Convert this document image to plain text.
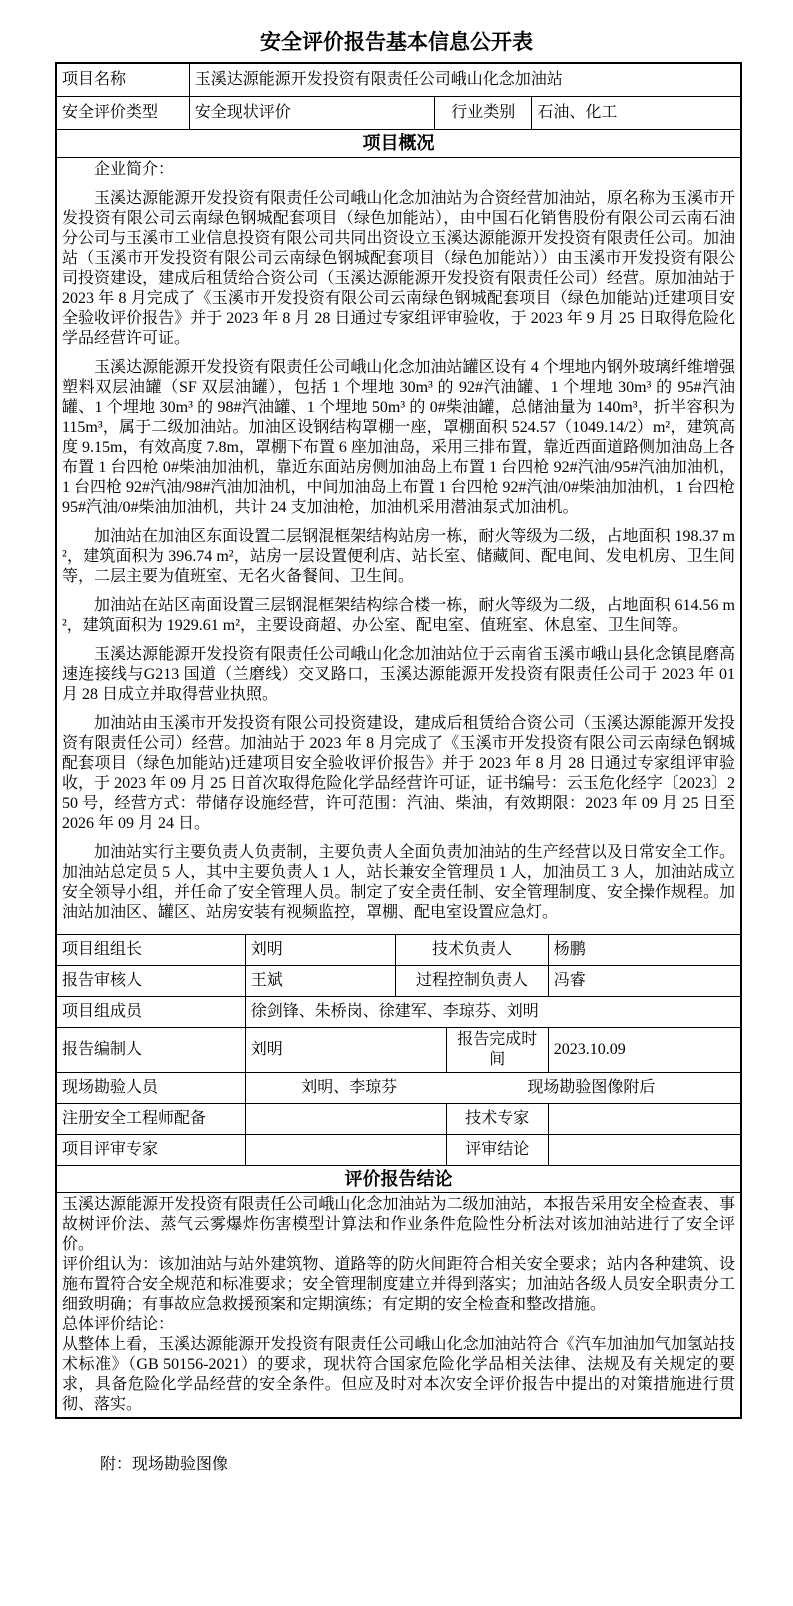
安全评价报告基本信息公开表
项目名称	玉溪达源能源开发投资有限责任公司峨山化念加油站		
安全评价类型	安全现状评价	行业类别	石油、化工
项目概况

企业简介：

玉溪达源能源开发投资有限责任公司峨山化念加油站为合资经营加油站，原名称为玉溪市开发投资有限公司云南绿色钢城配套项目（绿色加能站），由中国石化销售股份有限公司云南石油分公司与玉溪市工业信息投资有限公司共同出资设立玉溪达源能源开发投资有限责任公司。加油站（玉溪市开发投资有限公司云南绿色钢城配套项目（绿色加能站））由玉溪市开发投资有限公司投资建设，建成后租赁给合资公司（玉溪达源能源开发投资有限责任公司）经营。原加油站于 2023 年 8 月完成了《玉溪市开发投资有限公司云南绿色钢城配套项目（绿色加能站)迁建项目安全验收评价报告》并于 2023 年 8 月 28 日通过专家组评审验收，于 2023 年 9 月 25 日取得危险化学品经营许可证。

玉溪达源能源开发投资有限责任公司峨山化念加油站罐区设有 4 个埋地内钢外玻璃纤维增强塑料双层油罐（SF 双层油罐），包括 1 个埋地 30m³ 的 92#汽油罐、1 个埋地 30m³ 的 95#汽油罐、1 个埋地 30m³ 的 98#汽油罐、1 个埋地 50m³ 的 0#柴油罐，总储油量为 140m³，折半容积为 115m³，属于二级加油站。加油区设钢结构罩棚一座，罩棚面积 524.57（1049.14/2）m²，建筑高度 9.15m，有效高度 7.8m，罩棚下布置 6 座加油岛，采用三排布置，靠近西面道路侧加油岛上各布置 1 台四枪 0#柴油加油机，靠近东面站房侧加油岛上布置 1 台四枪 92#汽油/95#汽油加油机，1 台四枪 92#汽油/98#汽油加油机，中间加油岛上布置 1 台四枪 92#汽油/0#柴油加油机，1 台四枪 95#汽油/0#柴油加油机，共计 24 支加油枪，加油机采用潜油泵式加油机。

加油站在加油区东面设置二层钢混框架结构站房一栋，耐火等级为二级，占地面积 198.37 m²，建筑面积为 396.74 m²，站房一层设置便利店、站长室、储藏间、配电间、发电机房、卫生间等，二层主要为值班室、无名火备餐间、卫生间。

加油站在站区南面设置三层钢混框架结构综合楼一栋，耐火等级为二级，占地面积 614.56 m²，建筑面积为 1929.61 m²，主要设商超、办公室、配电室、值班室、休息室、卫生间等。

玉溪达源能源开发投资有限责任公司峨山化念加油站位于云南省玉溪市峨山县化念镇昆磨高速连接线与G213 国道（兰磨线）交叉路口，玉溪达源能源开发投资有限责任公司于 2023 年 01 月 28 日成立并取得营业执照。

加油站由玉溪市开发投资有限公司投资建设，建成后租赁给合资公司（玉溪达源能源开发投资有限责任公司）经营。加油站于 2023 年 8 月完成了《玉溪市开发投资有限公司云南绿色钢城配套项目（绿色加能站)迁建项目安全验收评价报告》并于 2023 年 8 月 28 日通过专家组评审验收，于 2023 年 09 月 25 日首次取得危险化学品经营许可证，证书编号：云玉危化经字〔2023〕250 号，经营方式：带储存设施经营，许可范围：汽油、柴油，有效期限：2023 年 09 月 25 日至 2026 年 09 月 24 日。

加油站实行主要负责人负责制，主要负责人全面负责加油站的生产经营以及日常安全工作。加油站总定员 5 人，其中主要负责人 1 人，站长兼安全管理员 1 人，加油员工 3 人，加油站成立安全领导小组，并任命了安全管理人员。制定了安全责任制、安全管理制度、安全操作规程。加油站加油区、罐区、站房安装有视频监控，罩棚、配电室设置应急灯。

项目组组长	刘明	技术负责人		杨鹏
报告审核人	王斌	过程控制负责人		冯睿
项目组成员	徐剑锋、朱桥岗、徐建军、李琼芬、刘明			
报告编制人	刘明		报告完成时间	2023.10.09
现场勘验人员	刘明、李琼芬 现场勘验图像附后			

注册安全工程师配备			技术专家	
项目评审专家			评审结论	
评价报告结论

玉溪达源能源开发投资有限责任公司峨山化念加油站为二级加油站，本报告采用安全检查表、事故树评价法、蒸气云雾爆炸伤害模型计算法和作业条件危险性分析法对该加油站进行了安全评价。

评价组认为：该加油站与站外建筑物、道路等的防火间距符合相关安全要求；站内各种建筑、设施布置符合安全规范和标准要求；安全管理制度建立并得到落实；加油站各级人员安全职责分工细致明确；有事故应急救援预案和定期演练；有定期的安全检查和整改措施。

总体评价结论：

从整体上看，玉溪达源能源开发投资有限责任公司峨山化念加油站符合《汽车加油加气加氢站技术标准》（GB 50156-2021）的要求，现状符合国家危险化学品相关法律、法规及有关规定的要求，具备危险化学品经营的安全条件。但应及时对本次安全评价报告中提出的对策措施进行贯彻、落实。

附：现场勘验图像
